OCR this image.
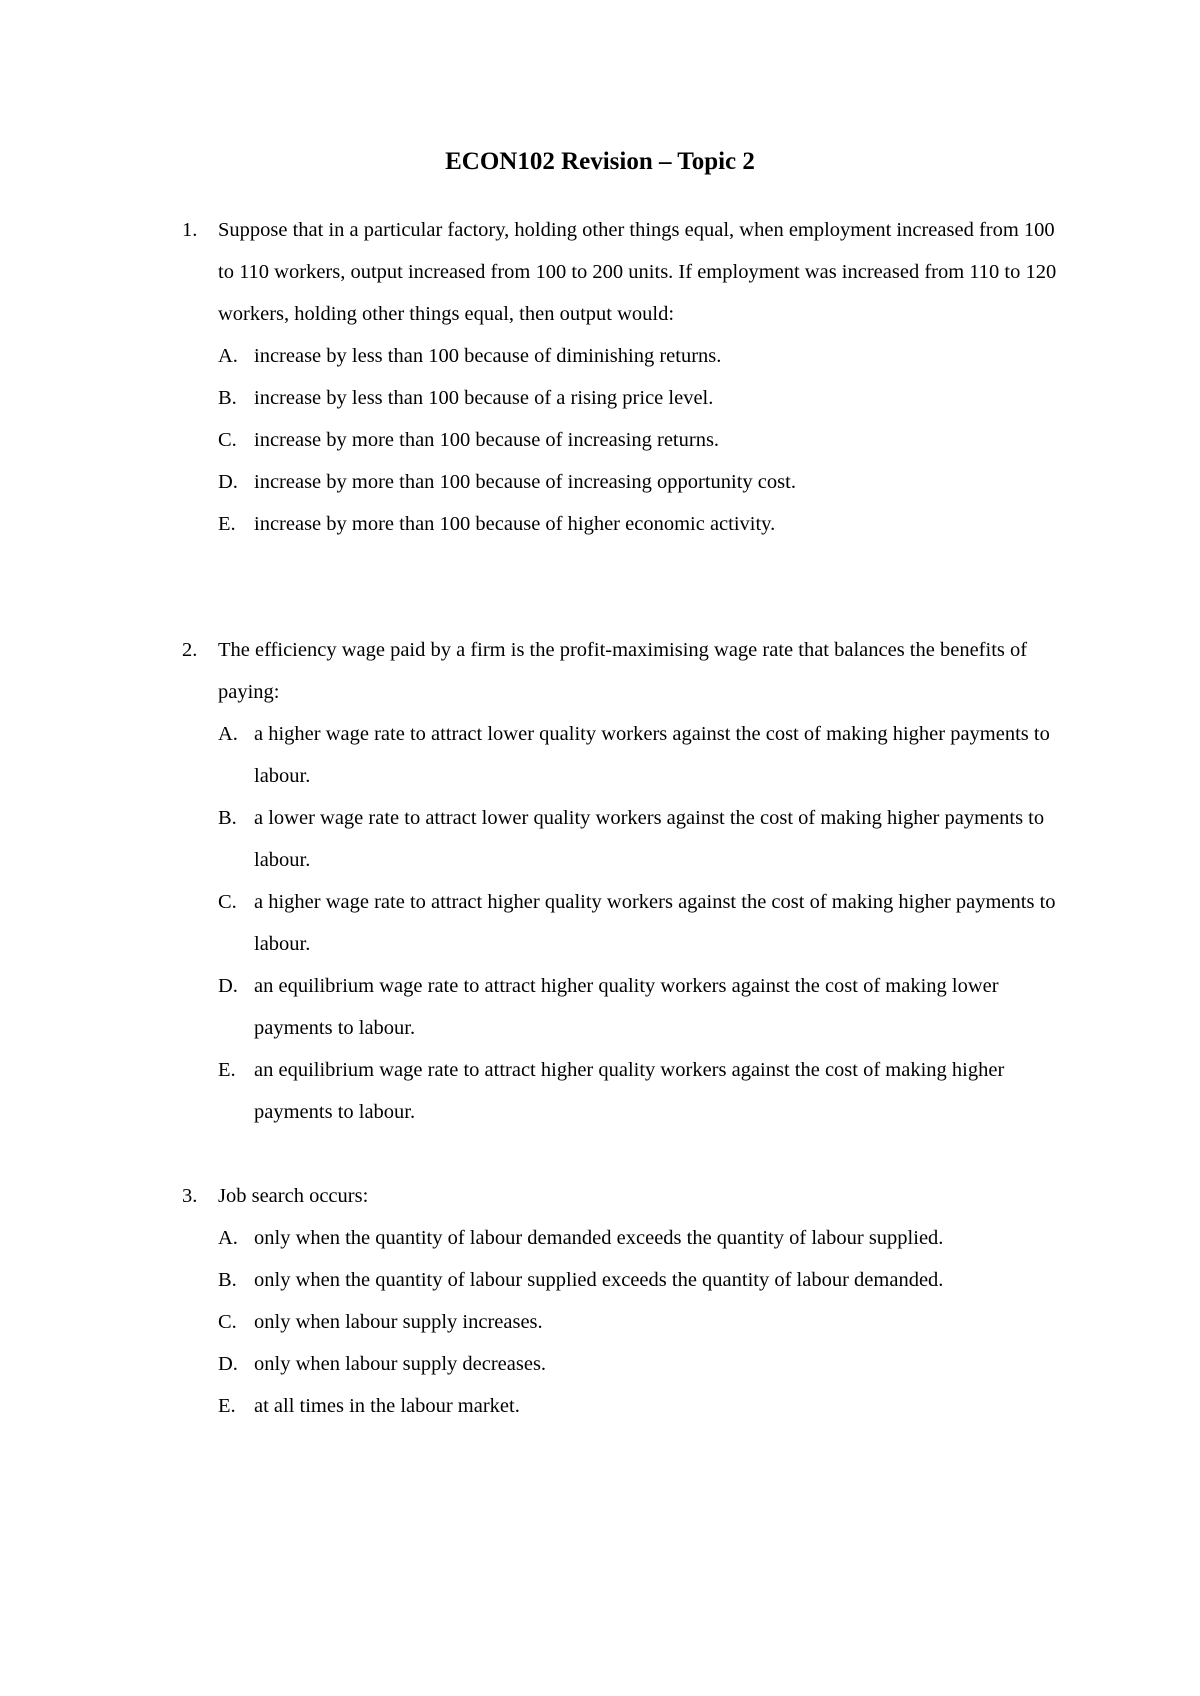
ECON102 Revision – Topic 2
1. Suppose that in a particular factory, holding other things equal, when employment increased from 100 to 110 workers, output increased from 100 to 200 units. If employment was increased from 110 to 120 workers, holding other things equal, then output would:
A. increase by less than 100 because of diminishing returns.
B. increase by less than 100 because of a rising price level.
C. increase by more than 100 because of increasing returns.
D. increase by more than 100 because of increasing opportunity cost.
E. increase by more than 100 because of higher economic activity.
2. The efficiency wage paid by a firm is the profit-maximising wage rate that balances the benefits of paying:
A. a higher wage rate to attract lower quality workers against the cost of making higher payments to labour.
B. a lower wage rate to attract lower quality workers against the cost of making higher payments to labour.
C. a higher wage rate to attract higher quality workers against the cost of making higher payments to labour.
D. an equilibrium wage rate to attract higher quality workers against the cost of making lower payments to labour.
E. an equilibrium wage rate to attract higher quality workers against the cost of making higher payments to labour.
3. Job search occurs:
A. only when the quantity of labour demanded exceeds the quantity of labour supplied.
B. only when the quantity of labour supplied exceeds the quantity of labour demanded.
C. only when labour supply increases.
D. only when labour supply decreases.
E. at all times in the labour market.
